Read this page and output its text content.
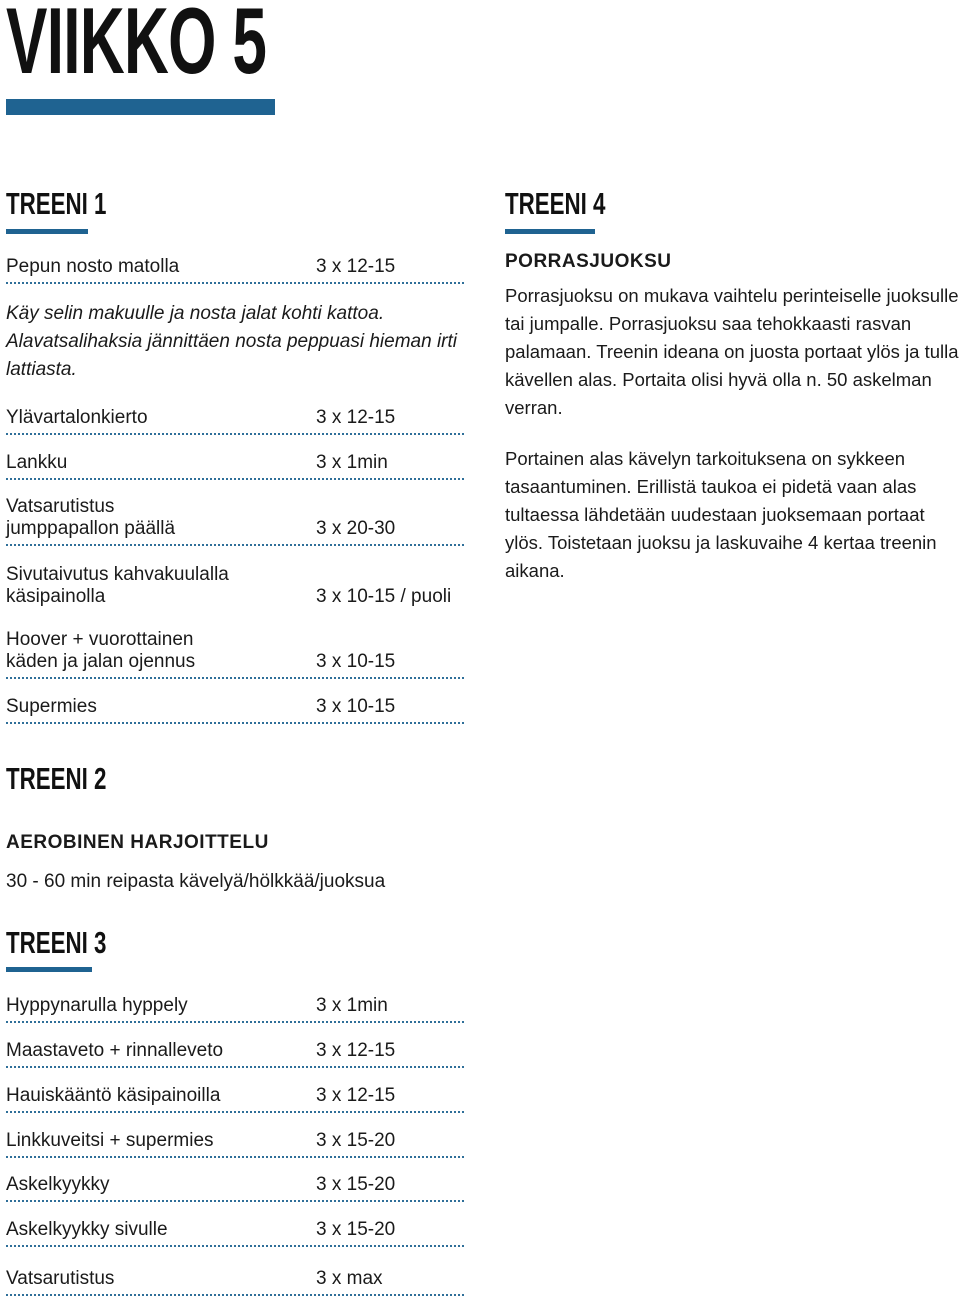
VIIKKO 5
TREENI 1
Pepun nosto matolla	3 x 12-15
Käy selin makuulle ja nosta jalat kohti kattoa. Alavatsalihaksia jännittäen nosta peppuasi hieman irti lattiasta.
Ylävartalonkierto	3 x 12-15
Lankku	3 x 1min
Vatsarutistus
jumppapallon päällä	3 x 20-30
Sivutaivutus kahvakuulalla
käsipainolla	3 x 10-15 / puoli
Hoover + vuorottainen
käden ja jalan ojennus	3 x 10-15
Supermies	3 x 10-15
TREENI 2
AEROBINEN HARJOITTELU
30 - 60 min reipasta kävelyä/hölkkää/juoksua
TREENI 3
Hyppynarulla hyppely	3 x 1min
Maastaveto + rinnalleveto	3 x 12-15
Hauiskääntö käsipainoilla	3 x 12-15
Linkkuveitsi + supermies	3 x 15-20
Askelkyykky	3 x 15-20
Askelkyykky sivulle	3 x 15-20
Vatsarutistus	3 x max
TREENI 4
PORRASJUOKSU
Porrasjuoksu on mukava vaihtelu perinteiselle juoksulle tai jumpalle. Porrasjuoksu saa tehokkaasti rasvan palamaan. Treenin ideana on juosta portaat ylös ja tulla kävellen alas. Portaita olisi hyvä olla n. 50 askelman verran.
Portainen alas kävelyn tarkoituksena on sykkeen tasaantuminen. Erillistä taukoa ei pidetä vaan alas tultaessa lähdetään uudestaan juoksemaan portaat ylös. Toistetaan juoksu ja laskuvaihe 4 kertaa treenin aikana.
